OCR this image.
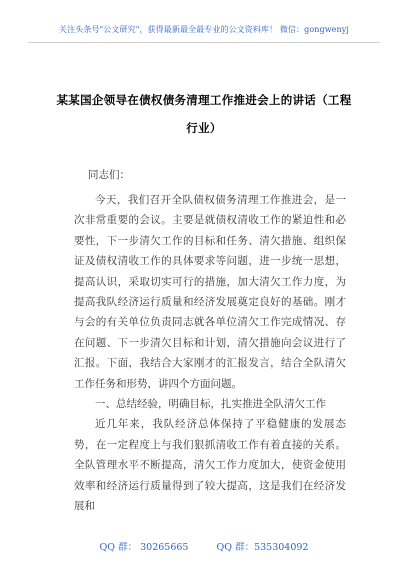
关注头条号"公文研究"，获得最新最全最专业的公文资料库！ 微信：gongwenyj
某某国企领导在债权债务清理工作推进会上的讲话（工程
行业）
同志们：

今天，我们召开全队债权债务清理工作推进会，是一次非常重要的会议。主要是就债权清收工作的紧迫性和必要性，下一步清欠工作的目标和任务、清欠措施、组织保证及债权清收工作的具体要求等问题，进一步统一思想，提高认识，采取切实可行的措施，加大清欠工作力度，为提高我队经济运行质量和经济发展奠定良好的基础。刚才与会的有关单位负责同志就各单位清欠工作完成情况、存在问题、下一步清欠目标和计划，清欠措施向会议进行了汇报。下面，我结合大家刚才的汇报发言，结合全队清欠工作任务和形势，讲四个方面问题。

一、总结经验，明确目标，扎实推进全队清欠工作

近几年来，我队经济总体保持了平稳健康的发展态势，在一定程度上与我们狠抓清收工作有着直接的关系。全队管理水平不断提高，清欠工作力度加大，使资金使用效率和经济运行质量得到了较大提高，这是我们在经济发展和

QQ 群： 30265665	QQ 群：535304092
